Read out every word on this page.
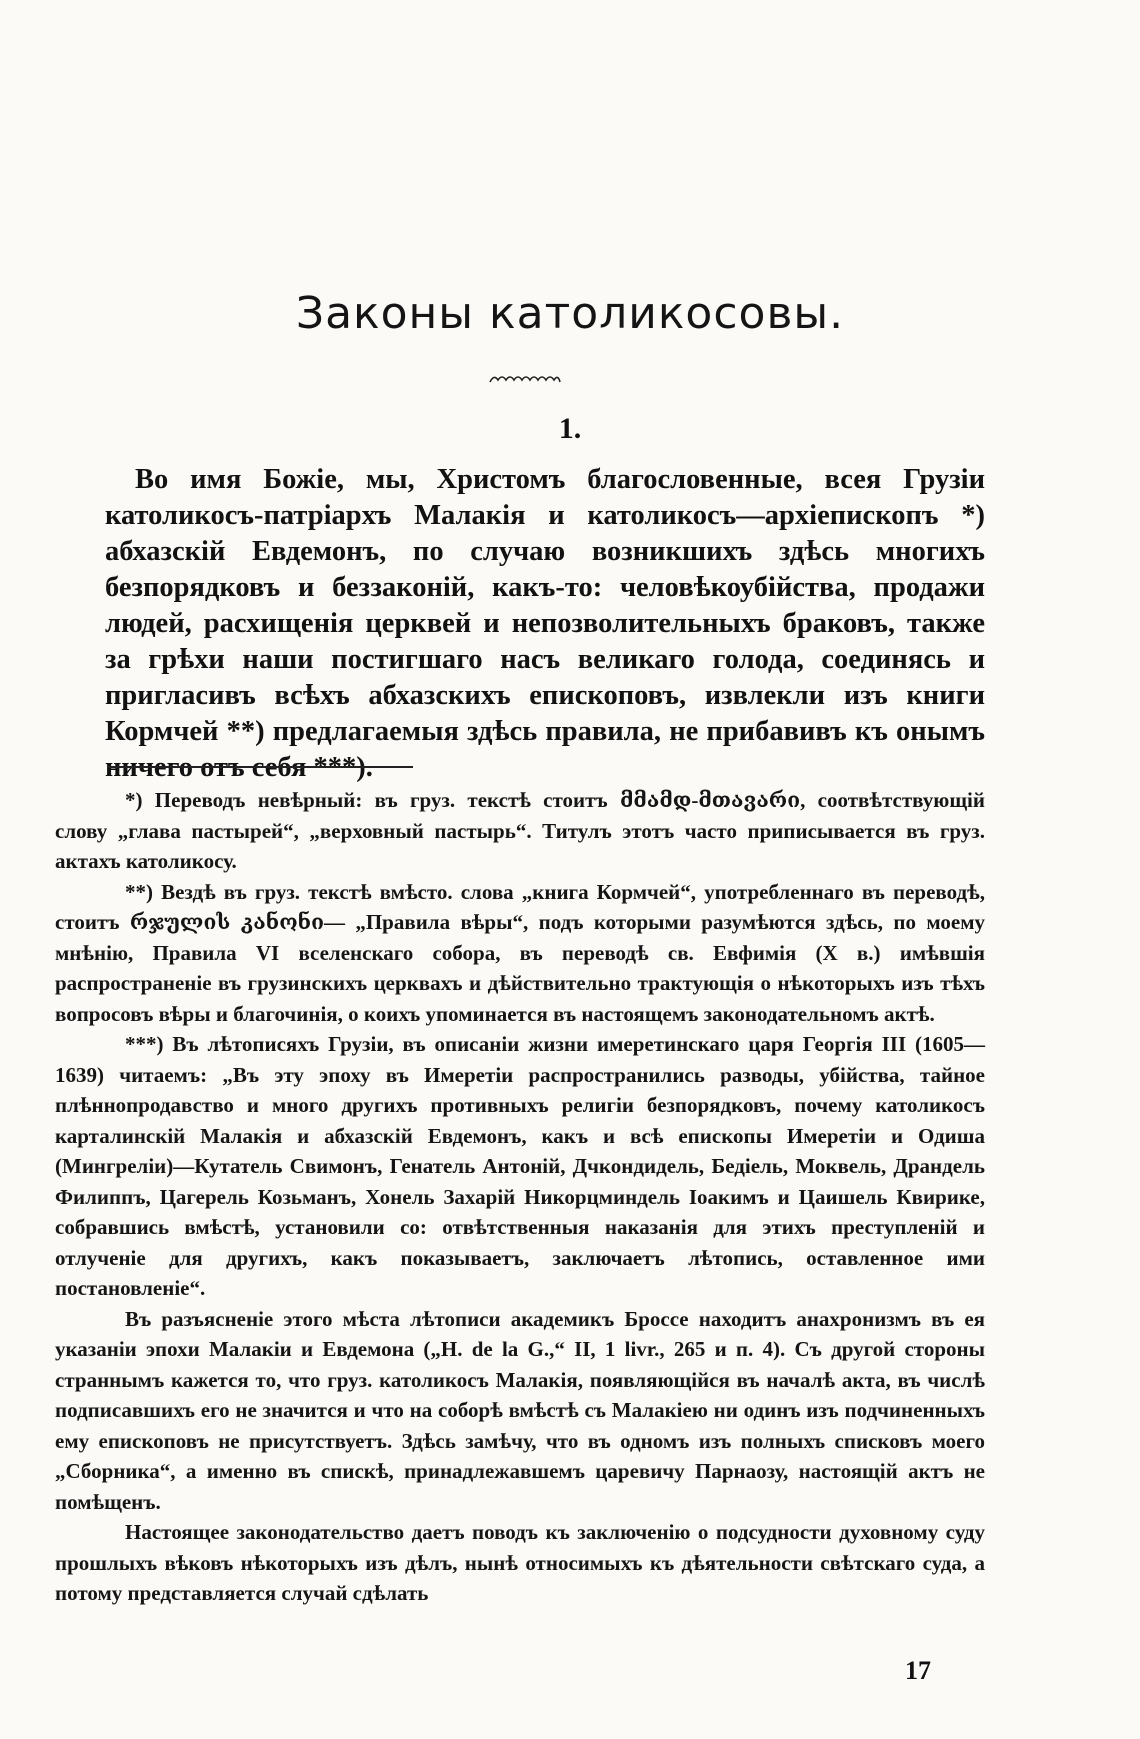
Законы католикосовы.
1.
Во имя Божіе, мы, Христомъ благословенные, всея Грузіи католикосъ-патріархъ Малакія и католикосъ—архіепископъ *) абхазскій Евдемонъ, по случаю возникшихъ здѣсь многихъ безпорядковъ и беззаконій, какъ-то: человѣкоубійства, продажи людей, расхищенія церквей и непозволительныхъ браковъ, также за грѣхи наши постигшаго насъ великаго голода, соединясь и пригласивъ всѣхъ абхазскихъ епископовъ, извлекли изъ книги Кормчей **) предлагаемыя здѣсь правила, не прибавивъ къ онымъ ничего отъ себя ***).

*) Переводъ невѣрный: въ груз. текстѣ стоитъ მმამდ-მთავარი, соотвѣтствующій слову „глава пастырей“, „верховный пастырь“. Титулъ этотъ часто приписывается въ груз. актахъ католикосу.

**) Вездѣ въ груз. текстѣ вмѣсто. слова „книга Кормчей“, употребленнаго въ переводѣ, стоитъ რჯულის კანონი— „Правила вѣры“, подъ которыми разумѣются здѣсь, по моему мнѣнію, Правила VI вселенскаго собора, въ переводѣ св. Евфимія (X в.) имѣвшія распространеніе въ грузинскихъ церквахъ и дѣйствительно трактующія о нѣкоторыхъ изъ тѣхъ вопросовъ вѣры и благочинія, о коихъ упоминается въ настоящемъ законодательномъ актѣ.

***) Въ лѣтописяхъ Грузіи, въ описаніи жизни имеретинскаго царя Георгія III (1605—1639) читаемъ: „Въ эту эпоху въ Имеретіи распространились разводы, убійства, тайное плѣннопродавство и много другихъ противныхъ религіи безпорядковъ, почему католикосъ карталинскій Малакія и абхазскій Евдемонъ, какъ и всѣ епископы Имеретіи и Одиша (Мингреліи)—Кутатель Свимонъ, Генатель Антоній, Дчкондидель, Бедіель, Моквель, Драндель Филиппъ, Цагерель Козьманъ, Хонель Захарій Никорцминдель Іоакимъ и Цаишель Квирике, собравшись вмѣстѣ, установили со: отвѣтственныя наказанія для этихъ преступленій и отлученіе для другихъ, какъ показываетъ, заключаетъ лѣтопись, оставленное ими постановленіе“.

Въ разъясненіе этого мѣста лѣтописи академикъ Броссе находитъ анахронизмъ въ ея указаніи эпохи Малакіи и Евдемона („H. de la G.,“ II, 1 livr., 265 и п. 4). Съ другой стороны страннымъ кажется то, что груз. католикосъ Малакія, появляющійся въ началѣ акта, въ числѣ подписавшихъ его не значится и что на соборѣ вмѣстѣ съ Малакіею ни одинъ изъ подчиненныхъ ему епископовъ не присутствуетъ. Здѣсь замѣчу, что въ одномъ изъ полныхъ списковъ моего „Сборника“, а именно въ спискѣ, принадлежавшемъ царевичу Парнаозу, настоящій актъ не помѣщенъ.

Настоящее законодательство даетъ поводъ къ заключенію о подсудности духовному суду прошлыхъ вѣковъ нѣкоторыхъ изъ дѣлъ, нынѣ относимыхъ къ дѣятельности свѣтскаго суда, а потому представляется случай сдѣлать

17
